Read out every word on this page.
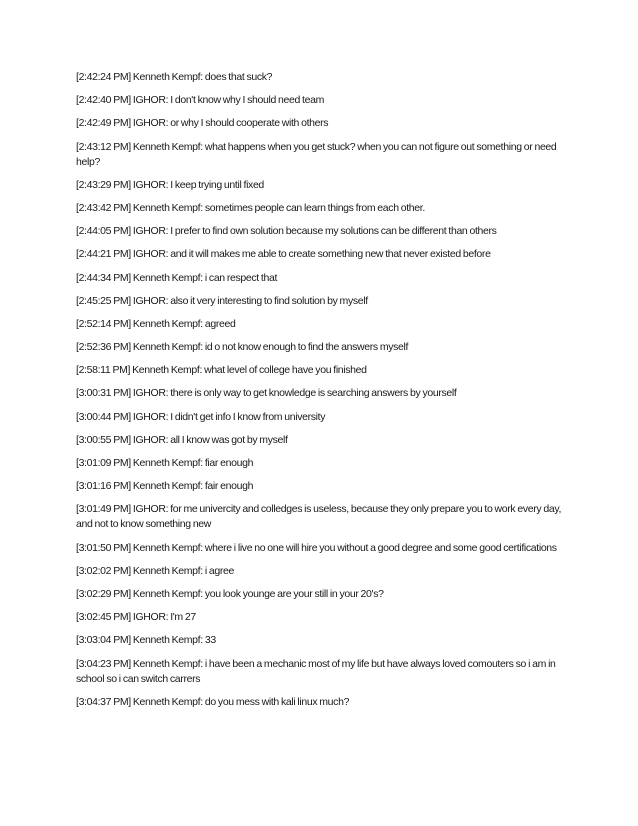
[2:42:24 PM] Kenneth Kempf: does that suck?
[2:42:40 PM] IGHOR: I don't know why I should need team
[2:42:49 PM] IGHOR: or why I should cooperate with others
[2:43:12 PM] Kenneth Kempf: what happens when you get stuck? when you can not figure out something or need help?
[2:43:29 PM] IGHOR: I keep trying until fixed
[2:43:42 PM] Kenneth Kempf: sometimes people can learn things from each other.
[2:44:05 PM] IGHOR: I prefer to find own solution because my solutions can be different than others
[2:44:21 PM] IGHOR: and it will makes me able to create something new that never existed before
[2:44:34 PM] Kenneth Kempf: i can respect that
[2:45:25 PM] IGHOR: also it very interesting to find solution by myself
[2:52:14 PM] Kenneth Kempf: agreed
[2:52:36 PM] Kenneth Kempf: id o not know enough to find the answers myself
[2:58:11 PM] Kenneth Kempf: what level of college have you finished
[3:00:31 PM] IGHOR: there is only way to get knowledge is searching answers by yourself
[3:00:44 PM] IGHOR: I didn't get info I know from university
[3:00:55 PM] IGHOR: all I know was got by myself
[3:01:09 PM] Kenneth Kempf: fiar enough
[3:01:16 PM] Kenneth Kempf: fair enough
[3:01:49 PM] IGHOR: for me univercity and colledges is useless, because they only prepare you to work every day, and not to know something new
[3:01:50 PM] Kenneth Kempf: where i live no one will hire you without a good degree and some good certifications
[3:02:02 PM] Kenneth Kempf: i agree
[3:02:29 PM] Kenneth Kempf: you look younge are your still in your 20's?
[3:02:45 PM] IGHOR: I'm 27
[3:03:04 PM] Kenneth Kempf: 33
[3:04:23 PM] Kenneth Kempf: i have been a mechanic most of my life but have always loved comouters so i am in school so i can switch carrers
[3:04:37 PM] Kenneth Kempf: do you mess with kali linux much?
